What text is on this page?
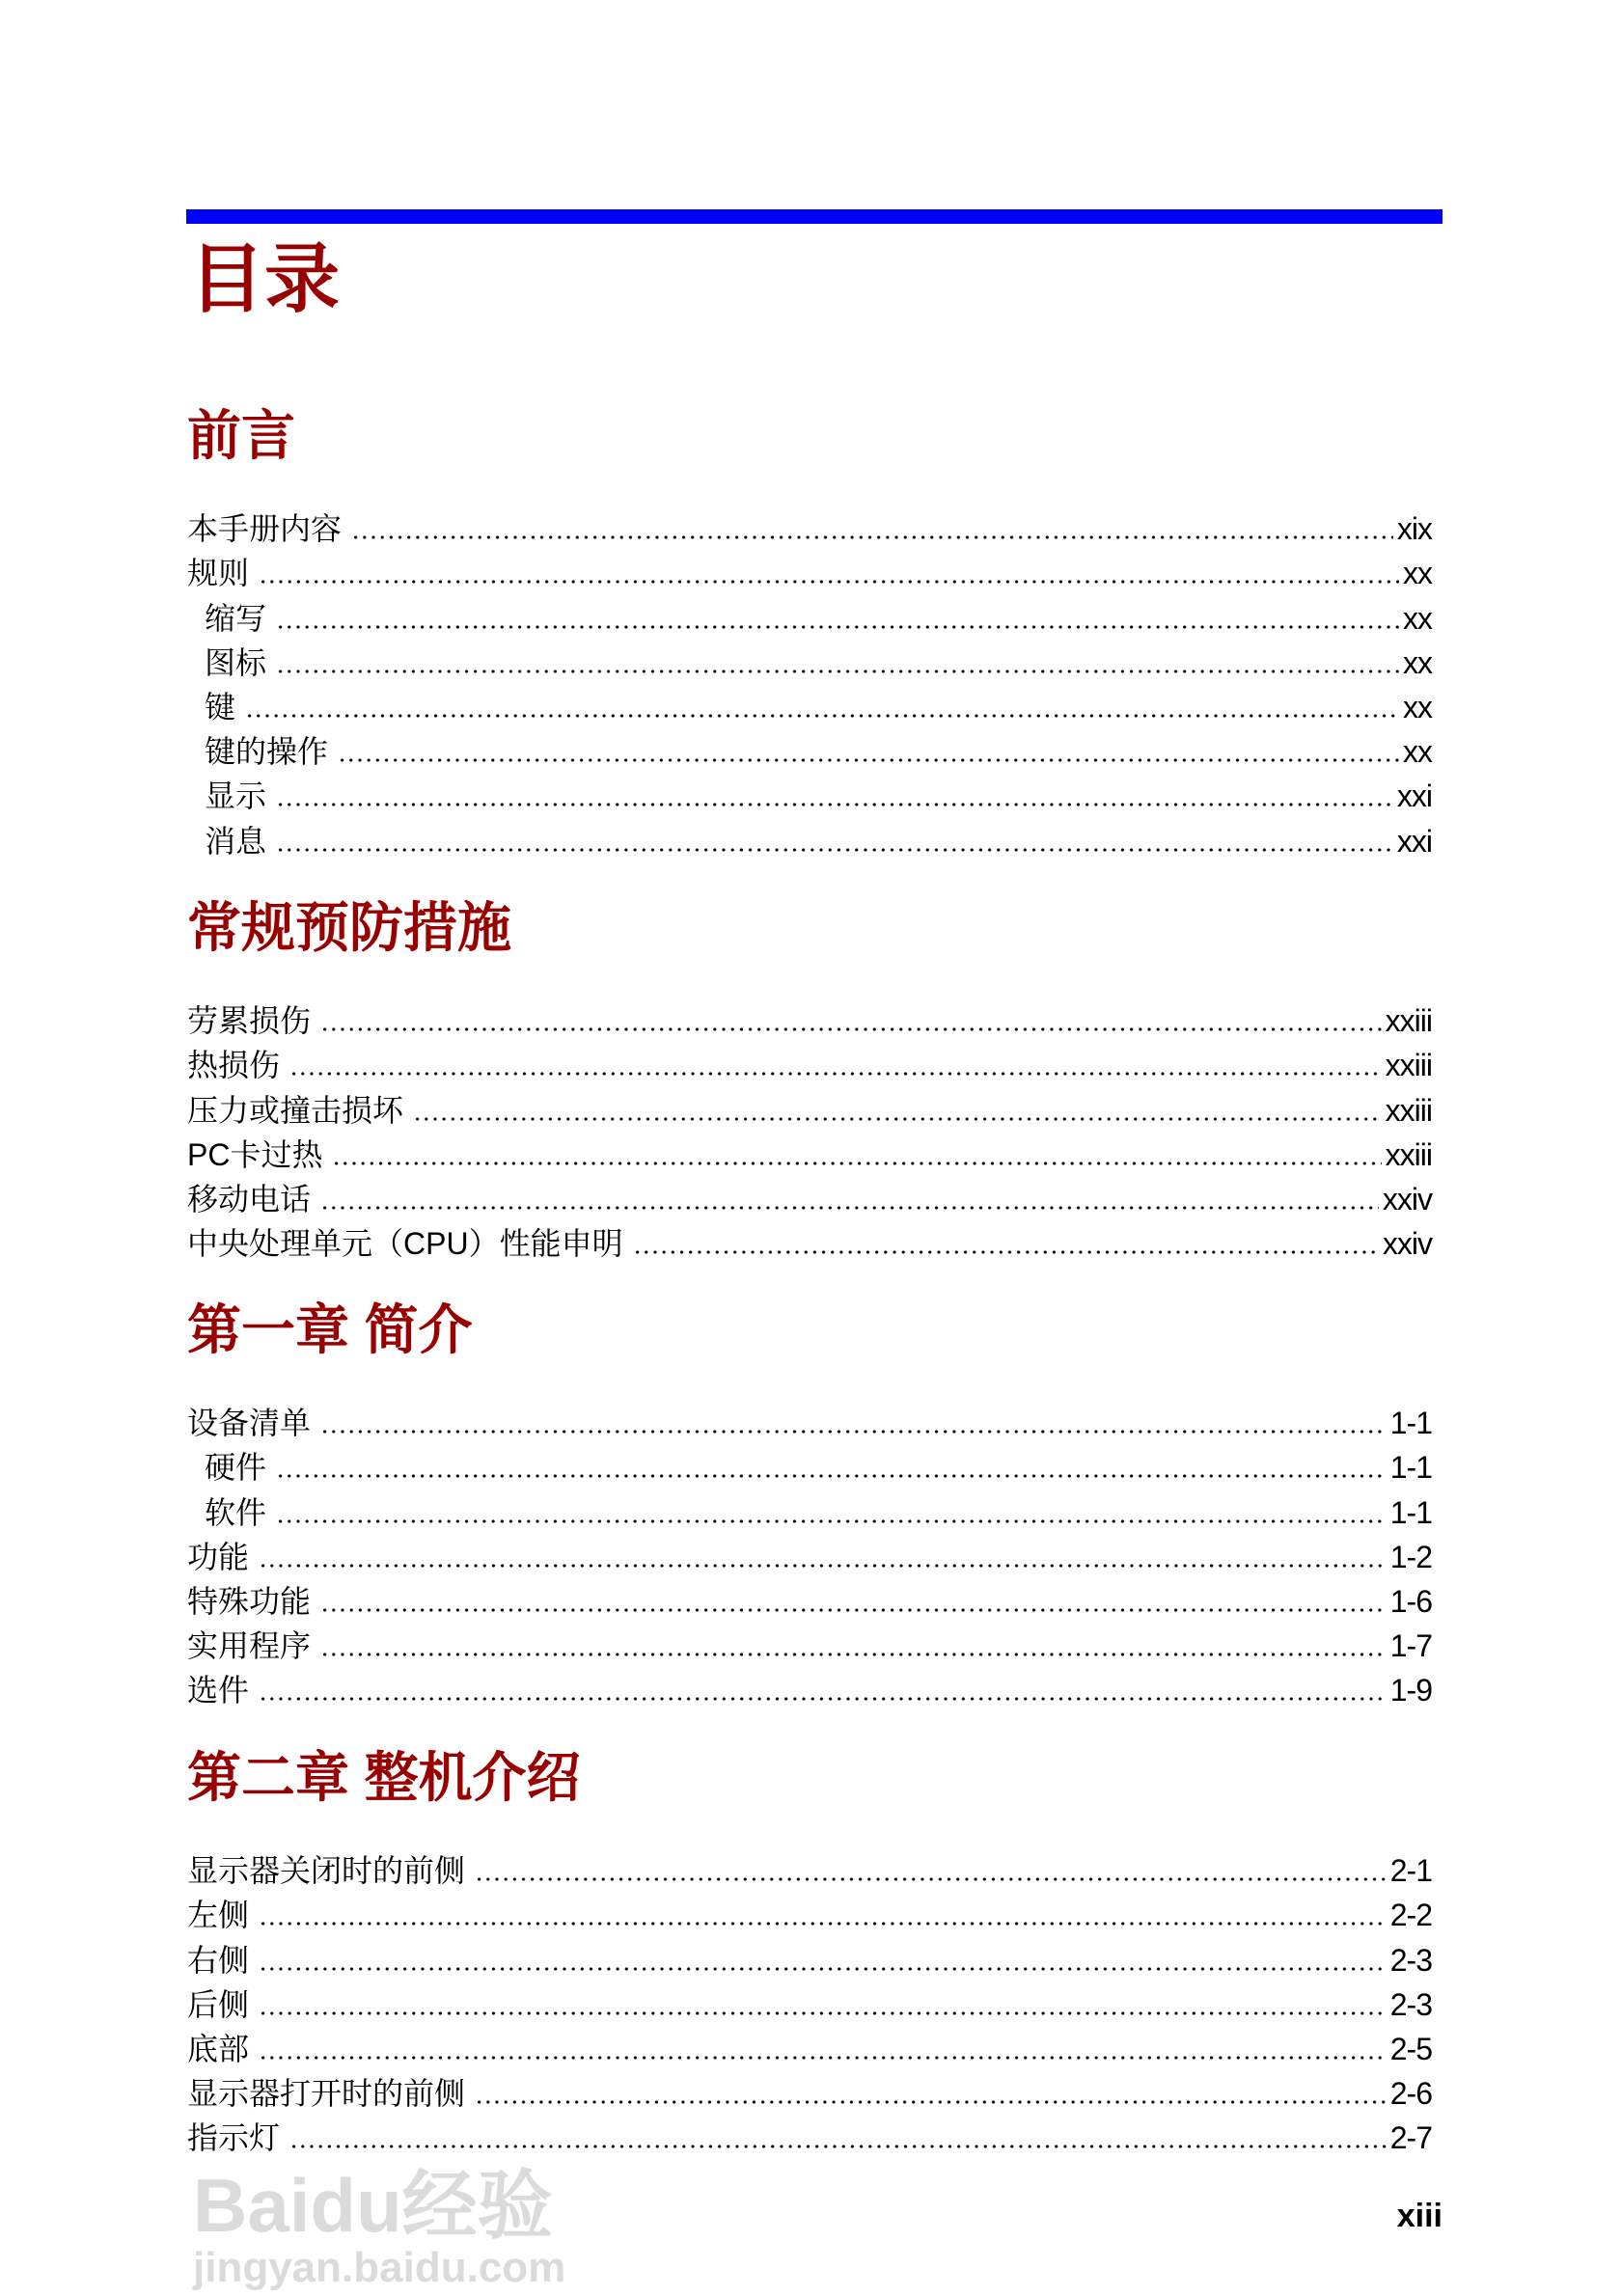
目录
前言
本手册内容	xix
规则	xx
缩写	xx
图标	xx
键	xx
键的操作	xx
显示	xxi
消息	xxi
常规预防措施
劳累损伤	xxiii
热损伤	xxiii
压力或撞击损坏	xxiii
PC卡过热	xxiii
移动电话	xxiv
中央处理单元（CPU）性能申明	xxiv
第一章 简介
设备清单	1-1
硬件	1-1
软件	1-1
功能	1-2
特殊功能	1-6
实用程序	1-7
选件	1-9
第二章 整机介绍
显示器关闭时的前侧	2-1
左侧	2-2
右侧	2-3
后侧	2-3
底部	2-5
显示器打开时的前侧	2-6
指示灯	2-7
xiii
Baidu经验
jingyan.baidu.com
